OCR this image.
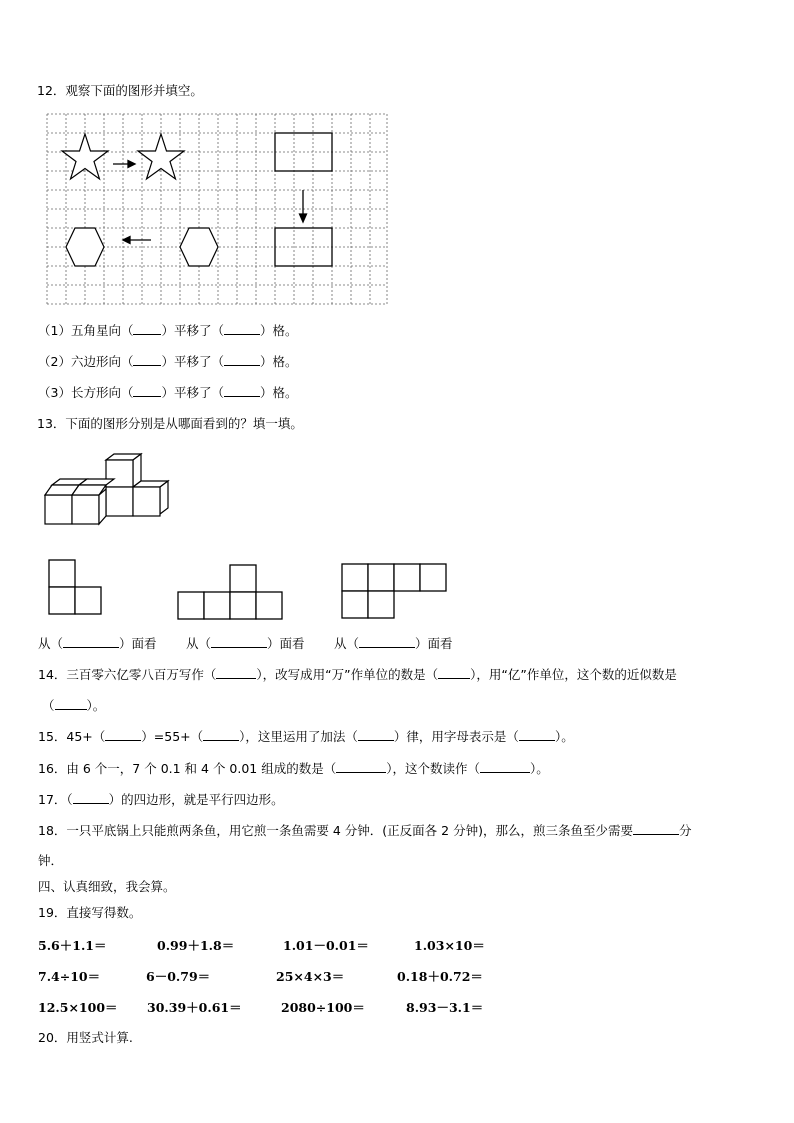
12．观察下面的图形并填空。
（1）五角星向（ ）平移了（	）格。
（2）六边形向（ ）平移了（	）格。
（3）长方形向（ ）平移了（	）格。
13．下面的图形分别是从哪面看到的？填一填。
从（	）面看 从（	）面看 从（	）面看
14．三百零六亿零八百万写作（	），改写成用“万”作单位的数是（	），用“亿”作单位，这个数的近似数是
（	）。
15．45+（	）=55+（	），这里运用了加法（	）律，用字母表示是（	）。
16．由 6 个一，7 个 0.1 和 4 个 0.01 组成的数是（	），这个数读作（	）。
17．（	）的四边形，就是平行四边形。
18．一只平底锅上只能煎两条鱼，用它煎一条鱼需要 4 分钟．(正反面各 2 分钟)，那么，煎三条鱼至少需要	分
钟．
四、认真细致，我会算。
19．直接写得数。
5.6＋1.1＝	0.99＋1.8＝	1.01－0.01＝	1.03×10＝
7.4÷10＝	6－0.79＝	25×4×3＝	0.18＋0.72＝
12.5×100＝ 30.39＋0.61＝	2080÷100＝	8.93－3.1＝
20．用竖式计算.
